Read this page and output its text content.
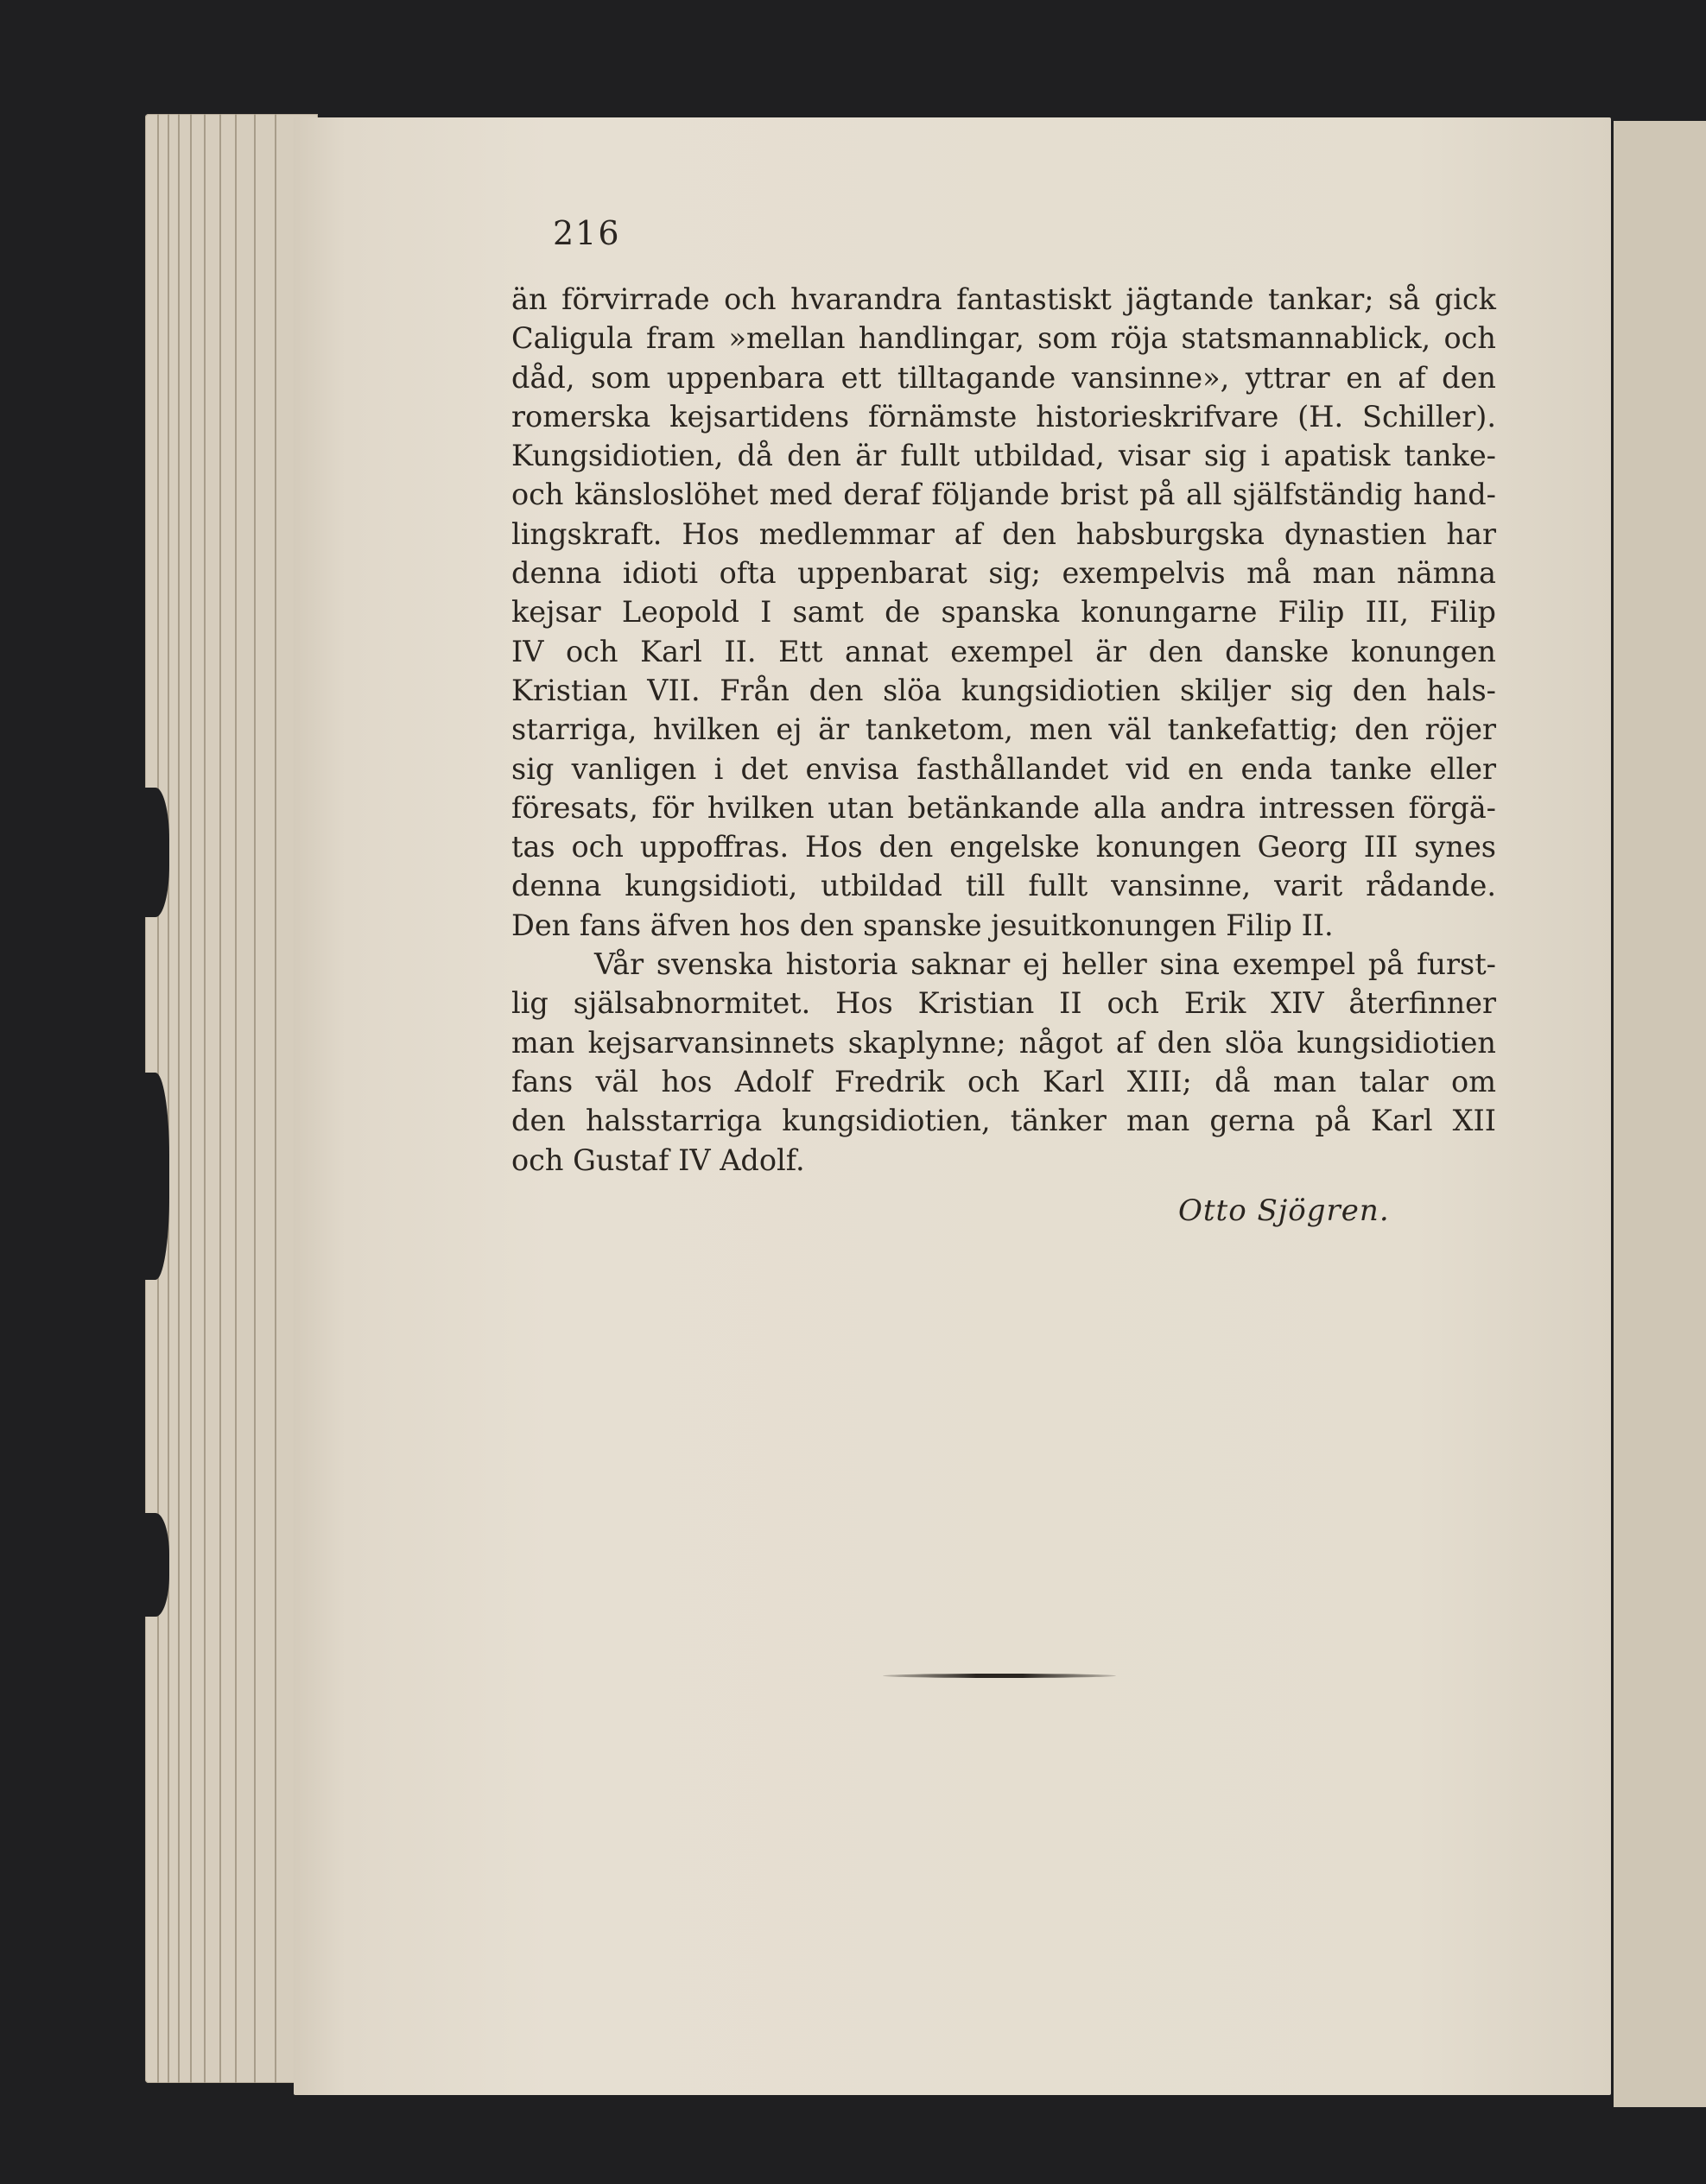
216
än förvirrade och hvarandra fantastiskt jägtande tankar; så gick
Caligula fram »mellan handlingar, som röja statsmannablick, och
dåd, som uppenbara ett tilltagande vansinne», yttrar en af den
romerska kejsartidens förnämste historieskrifvare (H. Schiller).
Kungsidiotien, då den är fullt utbildad, visar sig i apatisk tanke-
och känsloslöhet med deraf följande brist på all själfständig hand-
lingskraft. Hos medlemmar af den habsburgska dynastien har
denna idioti ofta uppenbarat sig; exempelvis må man nämna
kejsar Leopold I samt de spanska konungarne Filip III, Filip
IV och Karl II. Ett annat exempel är den danske konungen
Kristian VII. Från den slöa kungsidiotien skiljer sig den hals-
starriga, hvilken ej är tanketom, men väl tankefattig; den röjer
sig vanligen i det envisa fasthållandet vid en enda tanke eller
föresats, för hvilken utan betänkande alla andra intressen förgä-
tas och uppoffras. Hos den engelske konungen Georg III synes
denna kungsidioti, utbildad till fullt vansinne, varit rådande.
Den fans äfven hos den spanske jesuitkonungen Filip II.
Vår svenska historia saknar ej heller sina exempel på furst-
lig själsabnormitet. Hos Kristian II och Erik XIV återfinner
man kejsarvansinnets skaplynne; något af den slöa kungsidiotien
fans väl hos Adolf Fredrik och Karl XIII; då man talar om
den halsstarriga kungsidiotien, tänker man gerna på Karl XII
och Gustaf IV Adolf.
Otto Sjögren.
